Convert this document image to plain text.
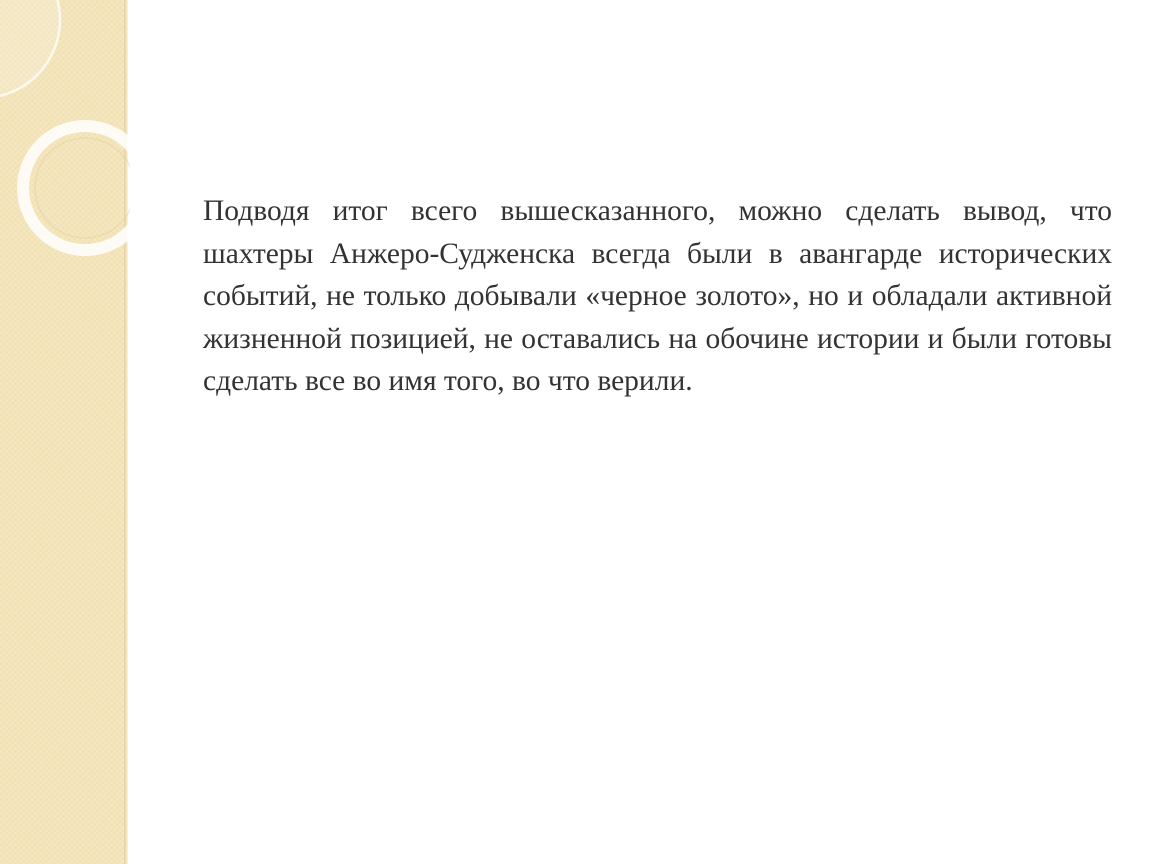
Подводя итог всего вышесказанного, можно сделать вывод, что шахтеры Анжеро-Судженска всегда были в авангарде исторических событий, не только добывали «черное золото», но и обладали активной жизненной позицией, не оставались на обочине истории и были готовы сделать все во имя того, во что верили.
